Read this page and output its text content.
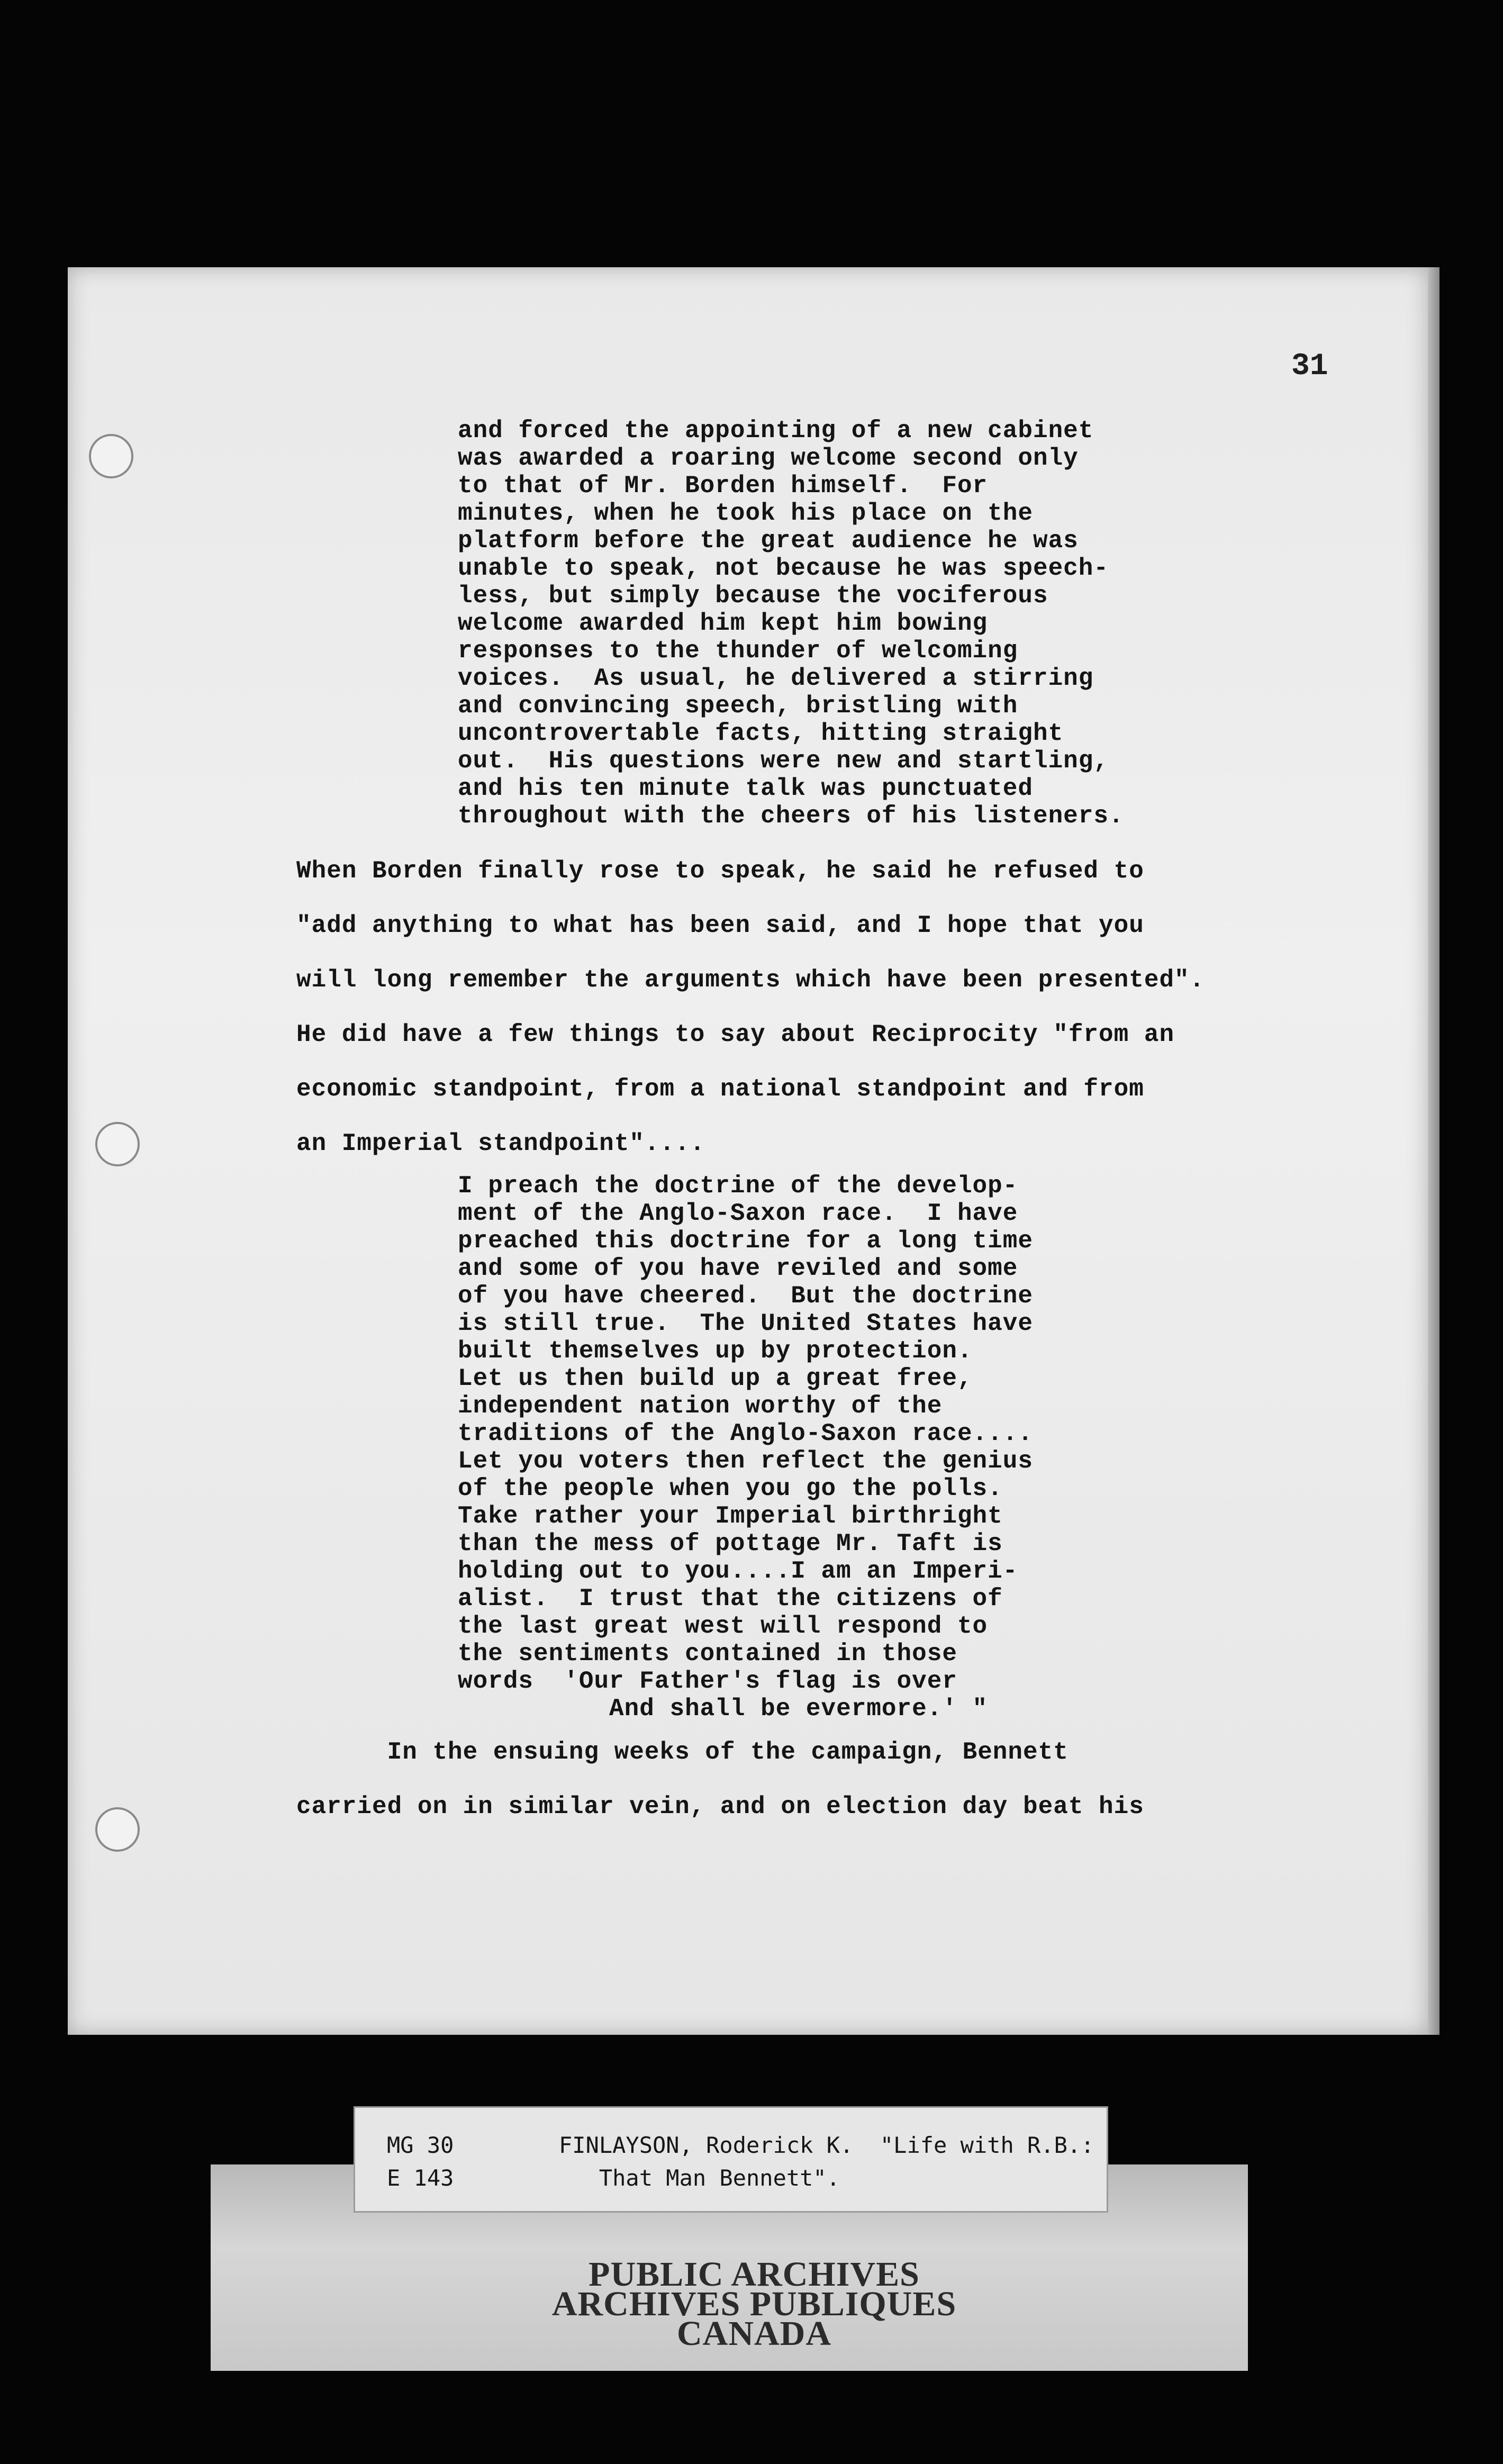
31
and forced the appointing of a new cabinet
was awarded a roaring welcome second only
to that of Mr. Borden himself.  For
minutes, when he took his place on the
platform before the great audience he was
unable to speak, not because he was speech-
less, but simply because the vociferous
welcome awarded him kept him bowing
responses to the thunder of welcoming
voices.  As usual, he delivered a stirring
and convincing speech, bristling with
uncontrovertable facts, hitting straight
out.  His questions were new and startling,
and his ten minute talk was punctuated
throughout with the cheers of his listeners.
When Borden finally rose to speak, he said he refused to
"add anything to what has been said, and I hope that you
will long remember the arguments which have been presented".
He did have a few things to say about Reciprocity "from an
economic standpoint, from a national standpoint and from
an Imperial standpoint"....
I preach the doctrine of the develop-
ment of the Anglo-Saxon race.  I have
preached this doctrine for a long time
and some of you have reviled and some
of you have cheered.  But the doctrine
is still true.  The United States have
built themselves up by protection.
Let us then build up a great free,
independent nation worthy of the
traditions of the Anglo-Saxon race....
Let you voters then reflect the genius
of the people when you go the polls.
Take rather your Imperial birthright
than the mess of pottage Mr. Taft is
holding out to you....I am an Imperi-
alist.  I trust that the citizens of
the last great west will respond to
the sentiments contained in those
words  'Our Father's flag is over
And shall be evermore.' "
In the ensuing weeks of the campaign, Bennett
carried on in similar vein, and on election day beat his
MG 30
E 143
FINLAYSON, Roderick K.  "Life with R.B.:
That Man Bennett".
PUBLIC ARCHIVES
ARCHIVES PUBLIQUES
CANADA
